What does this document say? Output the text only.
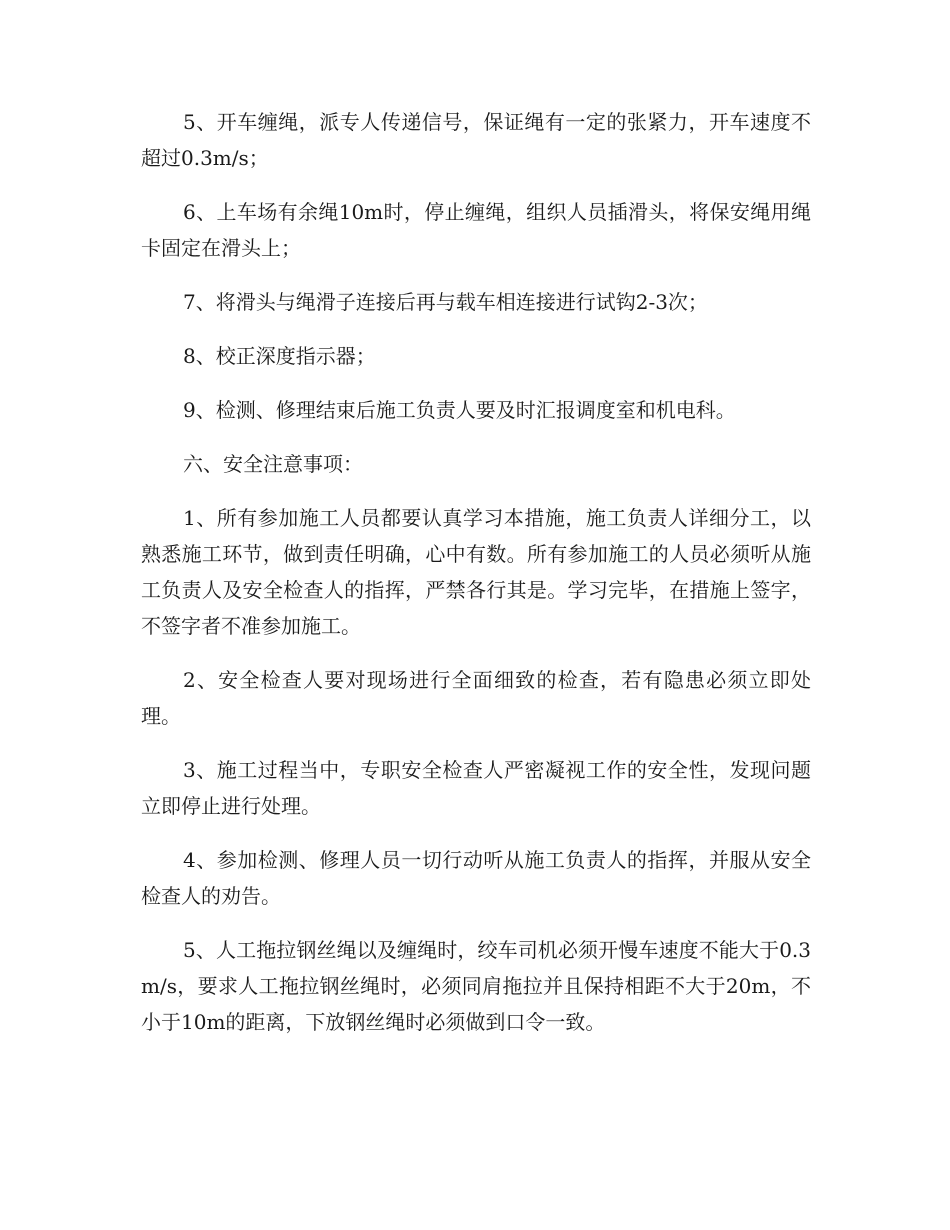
5、开车缠绳，派专人传递信号，保证绳有一定的张紧力，开车速度不超过0.3m/s；

6、上车场有余绳10m时，停止缠绳，组织人员插滑头，将保安绳用绳卡固定在滑头上；

7、将滑头与绳滑子连接后再与载车相连接进行试钩2-3次；

8、校正深度指示器；

9、检测、修理结束后施工负责人要及时汇报调度室和机电科。

六、安全注意事项：

1、所有参加施工人员都要认真学习本措施，施工负责人详细分工，以熟悉施工环节，做到责任明确，心中有数。所有参加施工的人员必须听从施工负责人及安全检查人的指挥，严禁各行其是。学习完毕，在措施上签字，不签字者不准参加施工。

2、安全检查人要对现场进行全面细致的检查，若有隐患必须立即处理。

3、施工过程当中，专职安全检查人严密凝视工作的安全性，发现问题立即停止进行处理。

4、参加检测、修理人员一切行动听从施工负责人的指挥，并服从安全检查人的劝告。

5、人工拖拉钢丝绳以及缠绳时，绞车司机必须开慢车速度不能大于0.3m/s，要求人工拖拉钢丝绳时，必须同肩拖拉并且保持相距不大于20m，不小于10m的距离，下放钢丝绳时必须做到口令一致。
